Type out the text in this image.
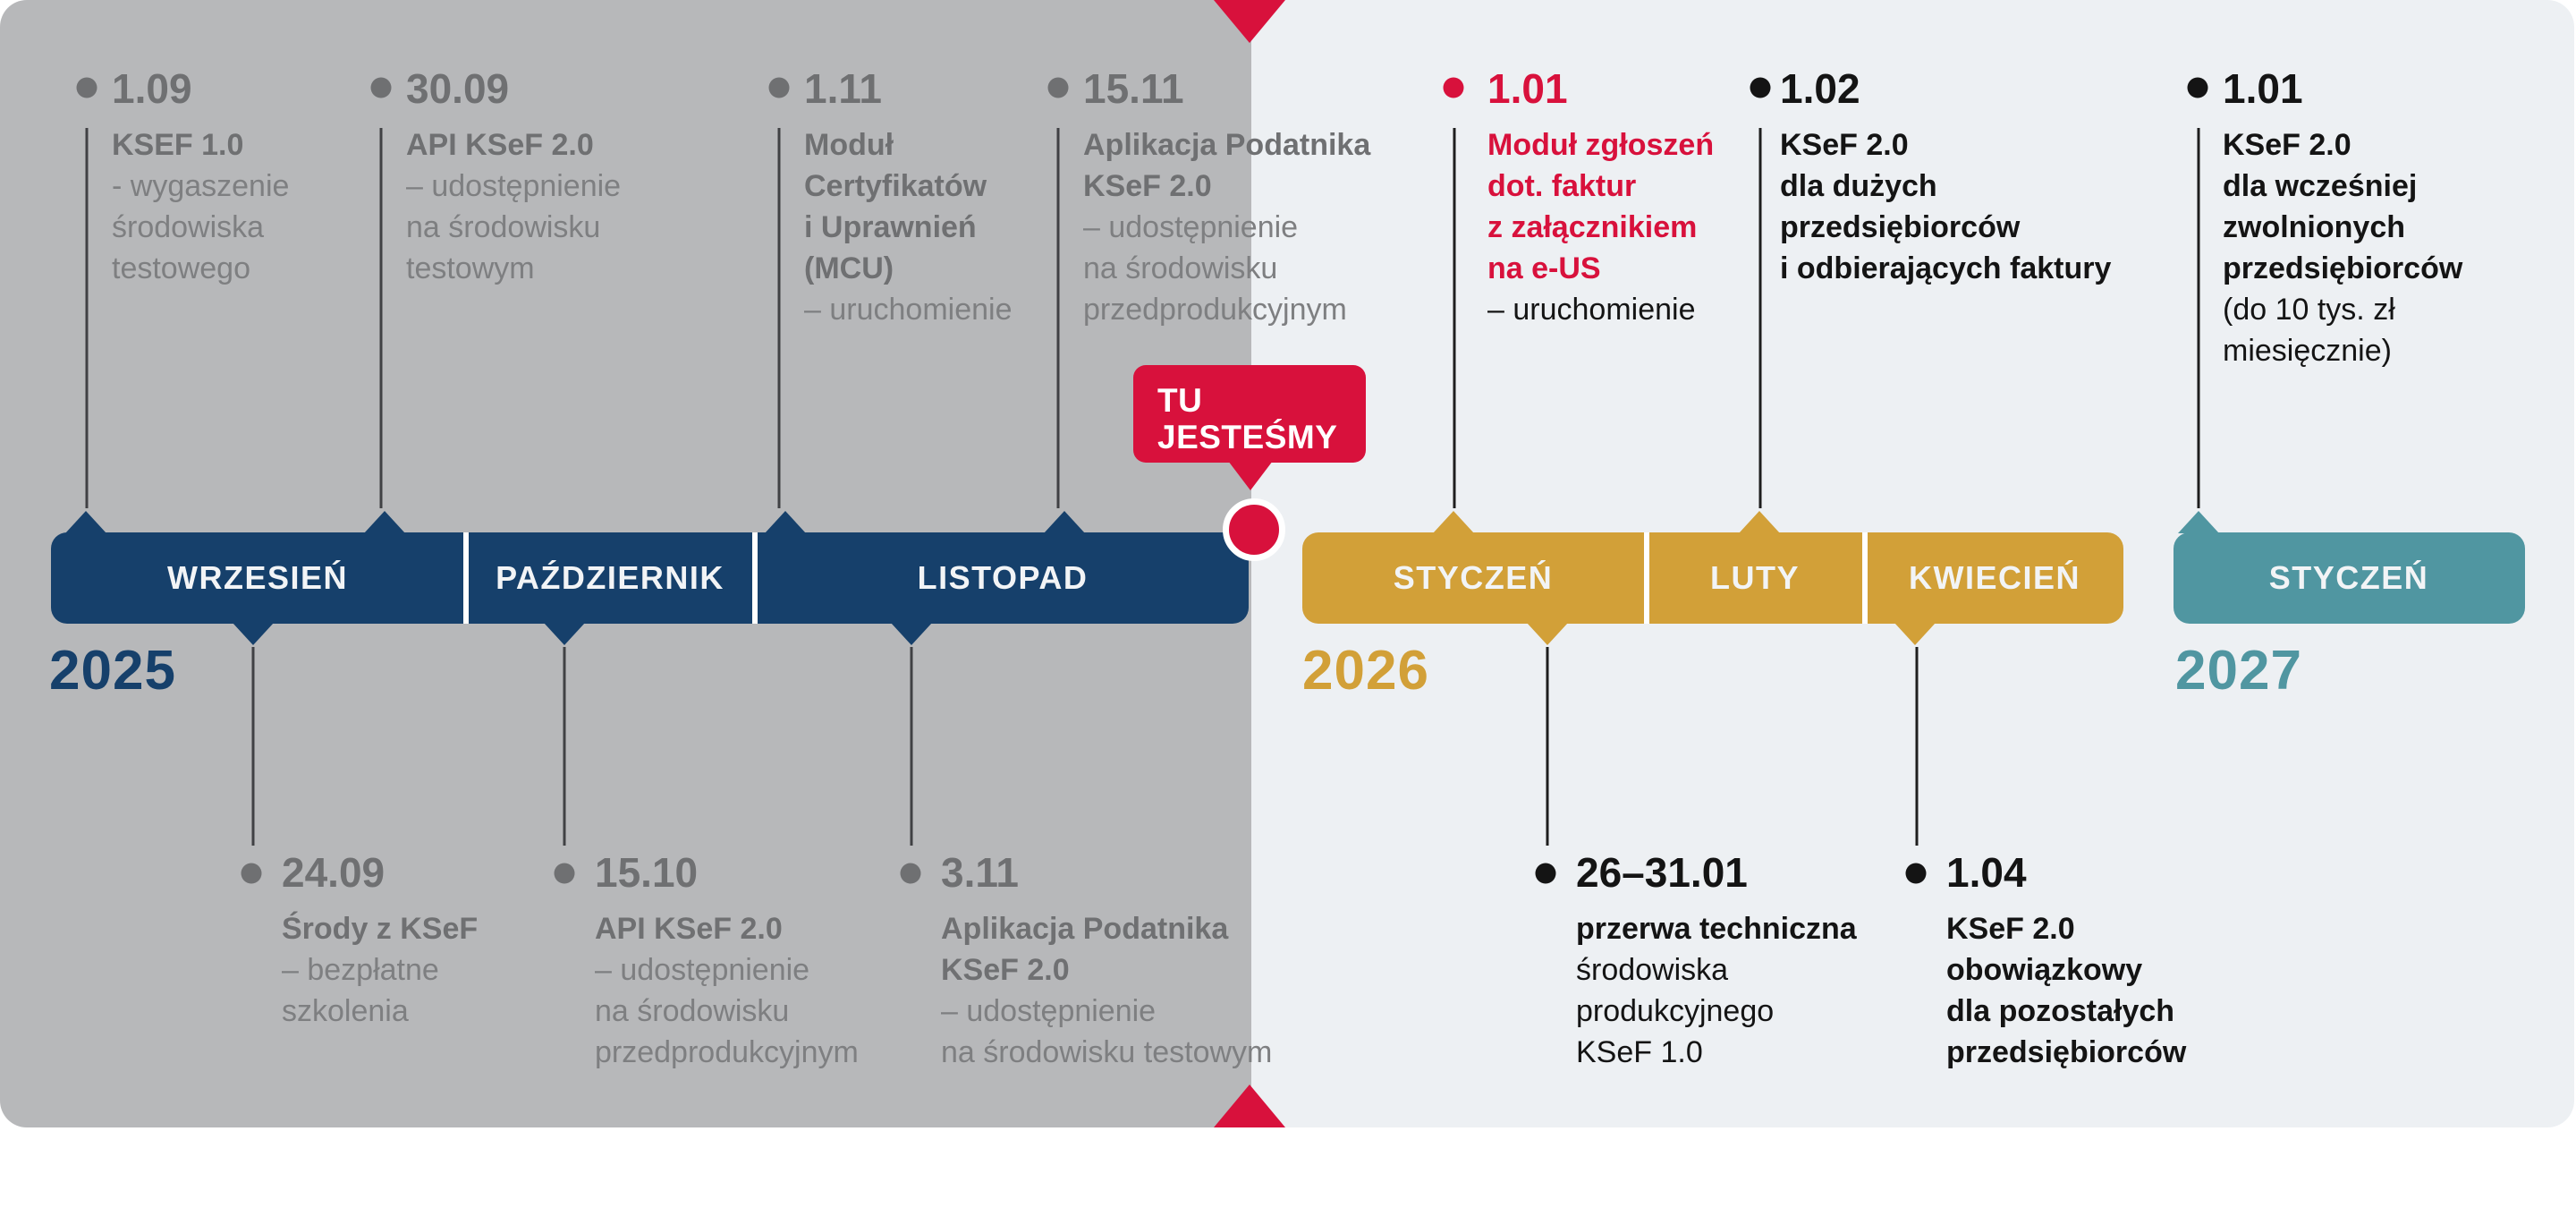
WRZESIEŃ	PAŹDZIERNIK	LISTOPAD	STYCZEŃ	LUTY	KWIECIEŃ	STYCZEŃ
2025	2026	2027
1.09
KSEF 1.0
- wygaszenie
środowiska
testowego
30.09
API KSeF 2.0
– udostępnienie
na środowisku
testowym
1.11
Moduł
Certyfikatów
i Uprawnień
(MCU)
– uruchomienie
15.11
Aplikacja Podatnika
KSeF 2.0
– udostępnienie
na środowisku
przedprodukcyjnym
1.01
Moduł zgłoszeń
dot. faktur
z załącznikiem
na e-US
– uruchomienie
1.02
KSeF 2.0
dla dużych
przedsiębiorców
i odbierających faktury
1.01
KSeF 2.0
dla wcześniej
zwolnionych
przedsiębiorców
(do 10 tys. zł
miesięcznie)
24.09
Środy z KSeF
– bezpłatne
szkolenia
15.10
API KSeF 2.0
– udostępnienie
na środowisku
przedprodukcyjnym
3.11
Aplikacja Podatnika
KSeF 2.0
– udostępnienie
na środowisku testowym
26–31.01
przerwa techniczna
środowiska
produkcyjnego
KSeF 1.0
1.04
KSeF 2.0
obowiązkowy
dla pozostałych
przedsiębiorców
TU
JESTEŚMY
